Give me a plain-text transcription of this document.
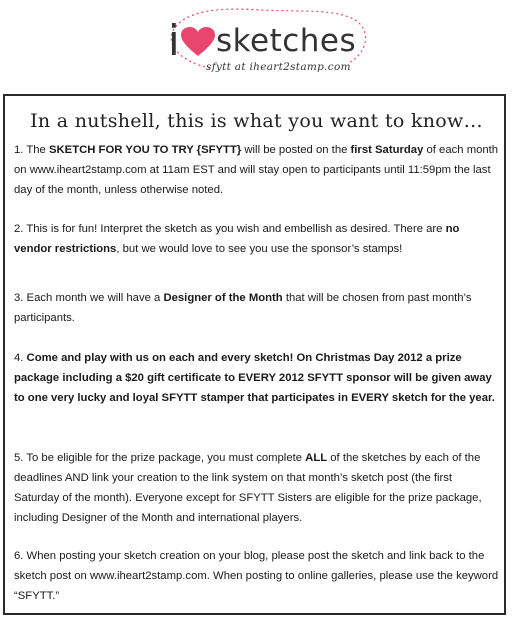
i sketches
sfytt at iheart2stamp.com
In a nutshell, this is what you want to know…

1. The SKETCH FOR YOU TO TRY {SFYTT} will be posted on the first Saturday of each month on www.iheart2stamp.com at 11am EST and will stay open to participants until 11:59pm the last day of the month, unless otherwise noted.

2. This is for fun! Interpret the sketch as you wish and embellish as desired. There are no vendor restrictions, but we would love to see you use the sponsor’s stamps!

3. Each month we will have a Designer of the Month that will be chosen from past month’s participants.

4. Come and play with us on each and every sketch! On Christmas Day 2012 a prize package including a $20 gift certificate to EVERY 2012 SFYTT sponsor will be given away to one very lucky and loyal SFYTT stamper that participates in EVERY sketch for the year.

5. To be eligible for the prize package, you must complete ALL of the sketches by each of the deadlines AND link your creation to the link system on that month’s sketch post (the first Saturday of the month). Everyone except for SFYTT Sisters are eligible for the prize package, including Designer of the Month and international players.

6. When posting your sketch creation on your blog, please post the sketch and link back to the sketch post on www.iheart2stamp.com. When posting to online galleries, please use the keyword “SFYTT.”
